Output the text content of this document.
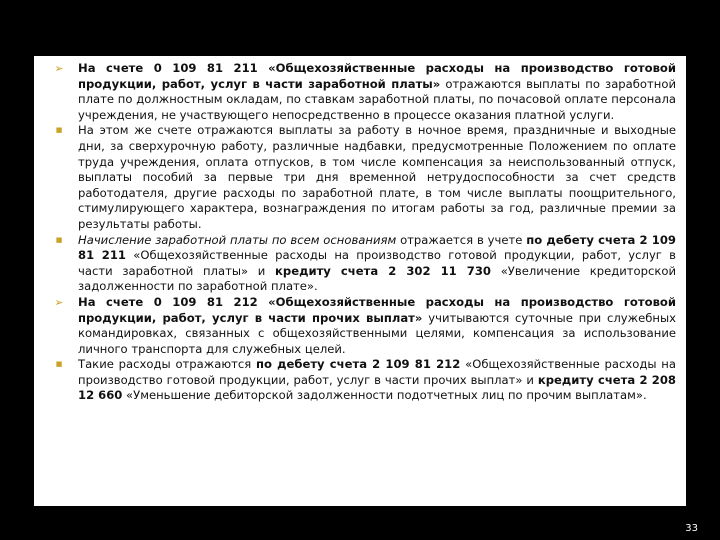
➢ На счете 0 109 81 211 «Общехозяйственные расходы на производство готовой продукции, работ, услуг в части заработной платы» отражаются выплаты по заработной плате по должностным окладам, по ставкам заработной платы, по почасовой оплате персонала учреждения, не участвующего непосредственно в процессе оказания платной услуги.

■	На этом же счете отражаются выплаты за работу в ночное время, праздничные и выходные дни, за сверхурочную работу, различные надбавки, предусмотренные Положением по оплате труда учреждения, оплата отпусков, в том числе компенсация за неиспользованный отпуск, выплаты пособий за первые три дня временной нетрудоспособности за счет средств работодателя, другие расходы по заработной плате, в том числе выплаты поощрительного, стимулирующего характера, вознаграждения по итогам работы за год, различные премии за результаты работы.

■	Начисление заработной платы по всем основаниям отражается в учете по дебету счета 2 109 81 211 «Общехозяйственные расходы на производство готовой продукции, работ, услуг в части заработной платы» и кредиту счета 2 302 11 730 «Увеличение кредиторской задолженности по заработной плате».

➢ На счете 0 109 81 212 «Общехозяйственные расходы на производство готовой продукции, работ, услуг в части прочих выплат» учитываются суточные при служебных командировках, связанных с общехозяйственными целями, компенсация за использование личного транспорта для служебных целей.

■	Такие расходы отражаются по дебету счета 2 109 81 212 «Общехозяйственные расходы на производство готовой продукции, работ, услуг в части прочих выплат» и кредиту счета 2 208 12 660 «Уменьшение дебиторской задолженности подотчетных лиц по прочим выплатам».

33
